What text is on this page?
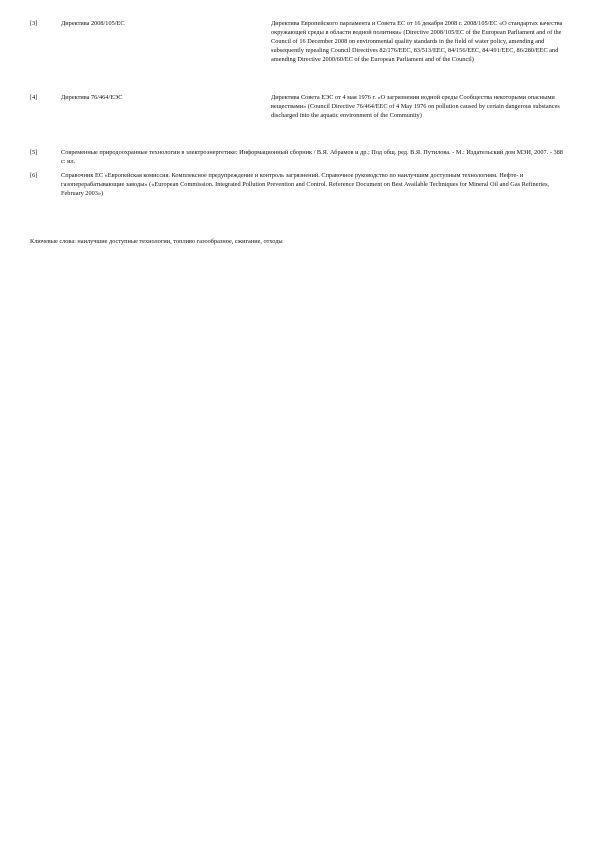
[3]	Директива 2008/105/ЕС	Директива Европейского парламента и Совета ЕС от 16 декабря 2008 г. 2008/105/ЕС «О стандартах качества окружающей среды в области водной политики» (Directive 2008/105/EC of the European Parliament and of the Council of 16 December 2008 on environmental quality standards in the field of water policy, amending and subsequently repealing Council Directives 82/176/EEC, 83/513/EEC, 84/156/EEC, 84/491/EEC, 86/280/EEC and amending Directive 2000/60/EC of the European Parliament and of the Council)
[4]	Директива 76/464/ЕЭС	Директива Совета ЕЭС от 4 мая 1976 г. «О загрязнении водной среды Сообщества некоторыми опасными веществами» (Council Directive 76/464/EEC of 4 May 1976 on pollution caused by certain dangerous substances discharged into the aquatic environment of the Community)
[5]	Современные природоохранные технологии в электроэнергетике: Информационный сборник / В.Я. Абрамов и др.; Под общ. ред. В.Я. Путилова. - М.: Издательский дом МЭИ, 2007. - 388 с: ил.
[6]	Справочник ЕС «Европейская комиссия. Комплексное предупреждение и контроль загрязнений. Справочное руководство по наилучшим доступным технологиям. Нефте- и газоперерабатывающие заводы» («European Commission. Integrated Pollution Prevention and Control. Reference Document on Best Available Techniques for Mineral Oil and Gas Refineries, February 2003»)
Ключевые слова: наилучшие доступные технологии, топливо газообразное, сжигание, отходы
